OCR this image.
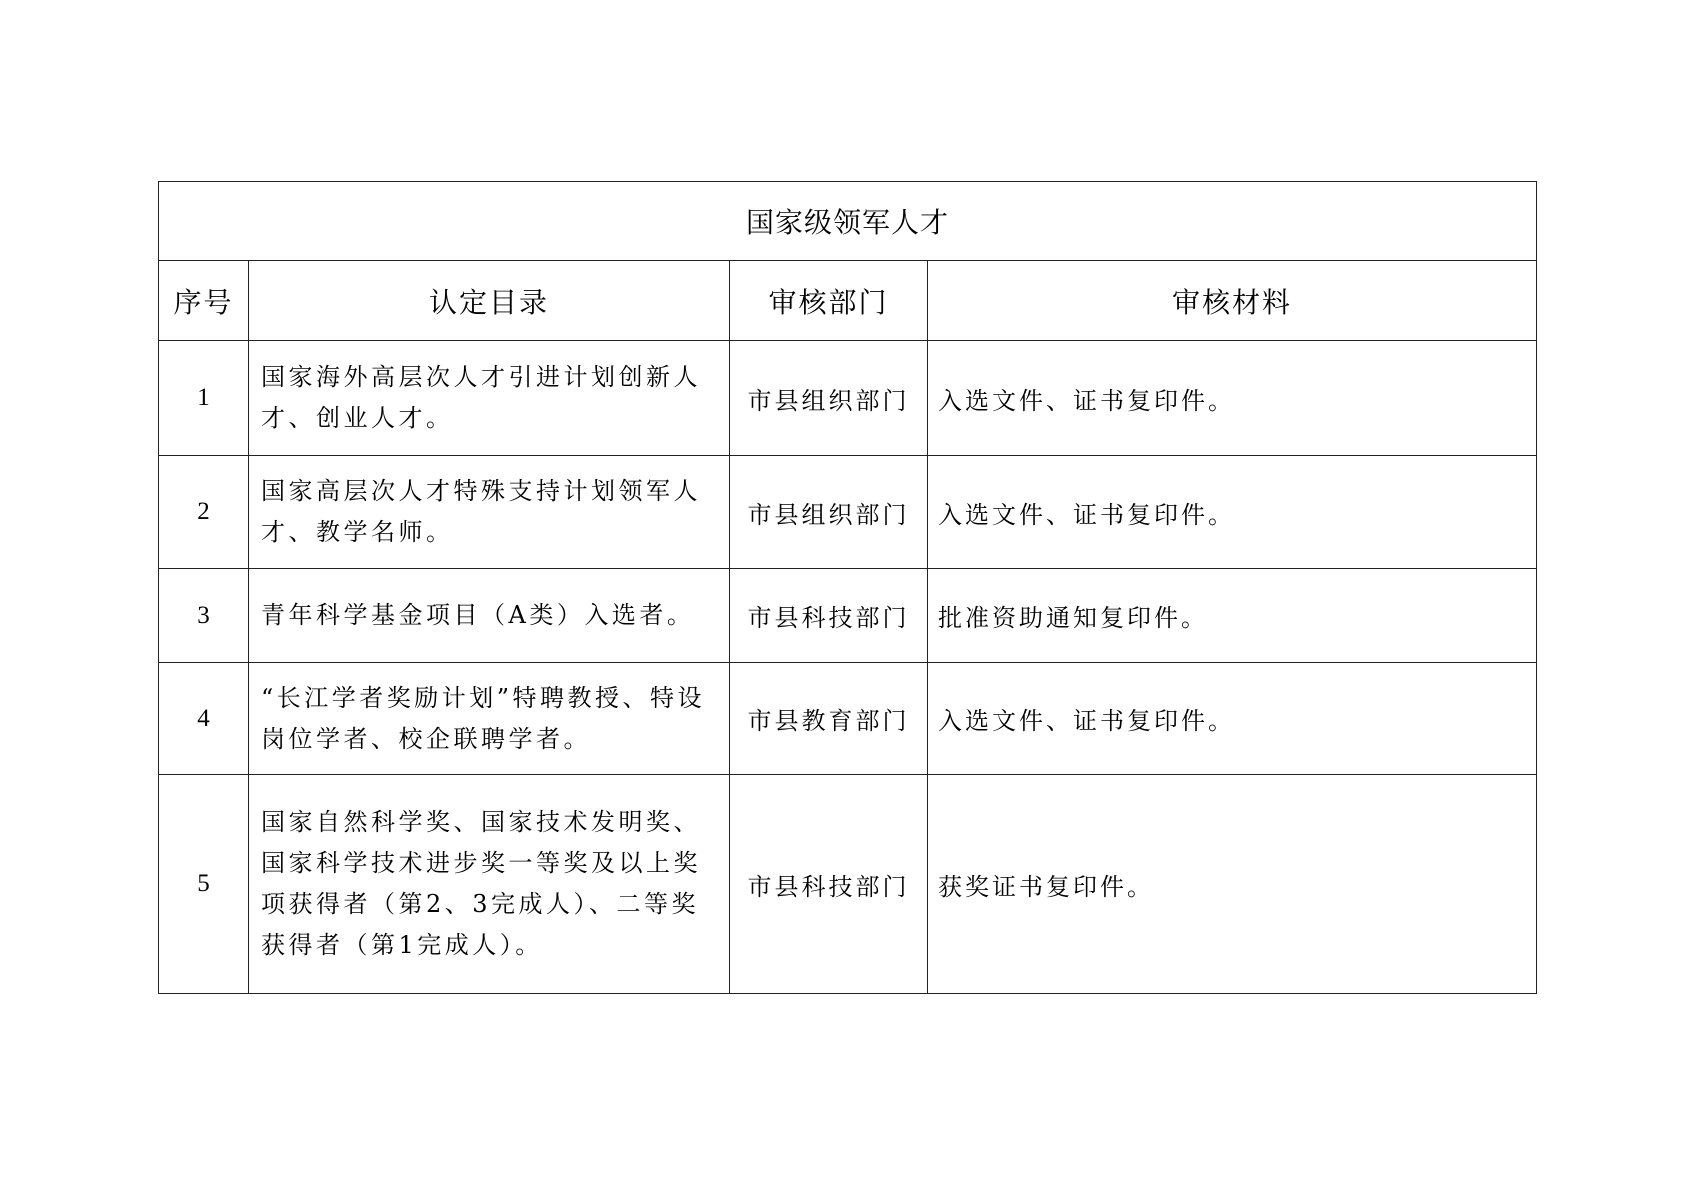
国家级领军人才			
序号	认定目录	审核部门	审核材料
1	国家海外高层次人才引进计划创新人才、创业人才。	市县组织部门	入选文件、证书复印件。
2	国家高层次人才特殊支持计划领军人才、教学名师。	市县组织部门	入选文件、证书复印件。
3	青年科学基金项目（A类）入选者。	市县科技部门	批准资助通知复印件。
4	“长江学者奖励计划”特聘教授、特设岗位学者、校企联聘学者。	市县教育部门	入选文件、证书复印件。
5	国家自然科学奖、国家技术发明奖、国家科学技术进步奖一等奖及以上奖项获得者（第2、3完成人）、二等奖获得者（第1完成人）。	市县科技部门	获奖证书复印件。
